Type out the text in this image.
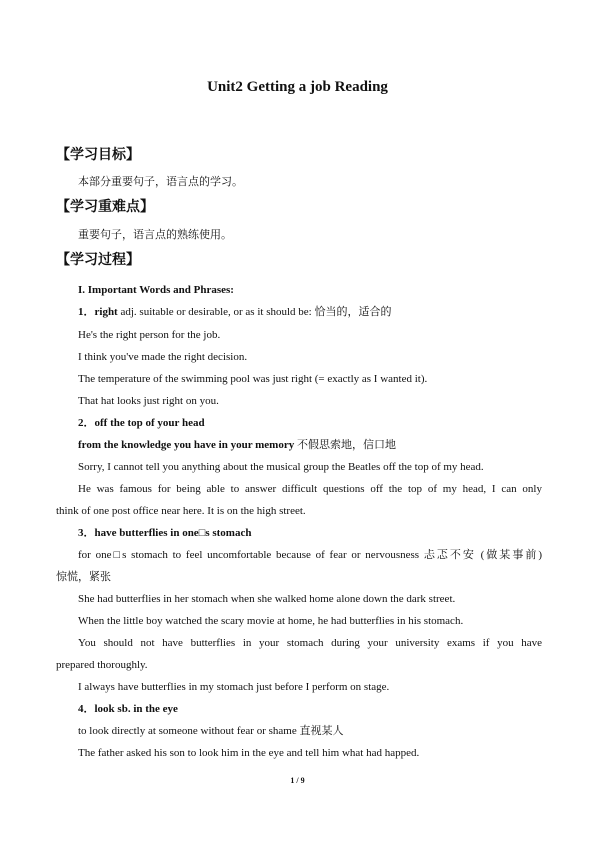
Unit2 Getting a job Reading

【学习目标】

本部分重要句子，语言点的学习。

【学习重难点】

重要句子，语言点的熟练使用。

【学习过程】

I. Important Words and Phrases:

1．right adj. suitable or desirable, or as it should be: 恰当的，适合的

He's the right person for the job.

I think you've made the right decision.

The temperature of the swimming pool was just right (= exactly as I wanted it).

That hat looks just right on you.

2．off the top of your head

from the knowledge you have in your memory 不假思索地，信口地

Sorry, I cannot tell you anything about the musical group the Beatles off the top of my head.

He was famous for being able to answer difficult questions off the top of my head, I can only

think of one post office near here. It is on the high street.

3．have butterflies in one□s stomach

for one□s stomach to feel uncomfortable because of fear or nervousness 忐忑不安 (做某事前)

惊慌，紧张

She had butterflies in her stomach when she walked home alone down the dark street.

When the little boy watched the scary movie at home, he had butterflies in his stomach.

You should not have butterflies in your stomach during your university exams if you have

prepared thoroughly.

I always have butterflies in my stomach just before I perform on stage.

4．look sb. in the eye

to look directly at someone without fear or shame 直视某人

The father asked his son to look him in the eye and tell him what had happed.

1 / 9
